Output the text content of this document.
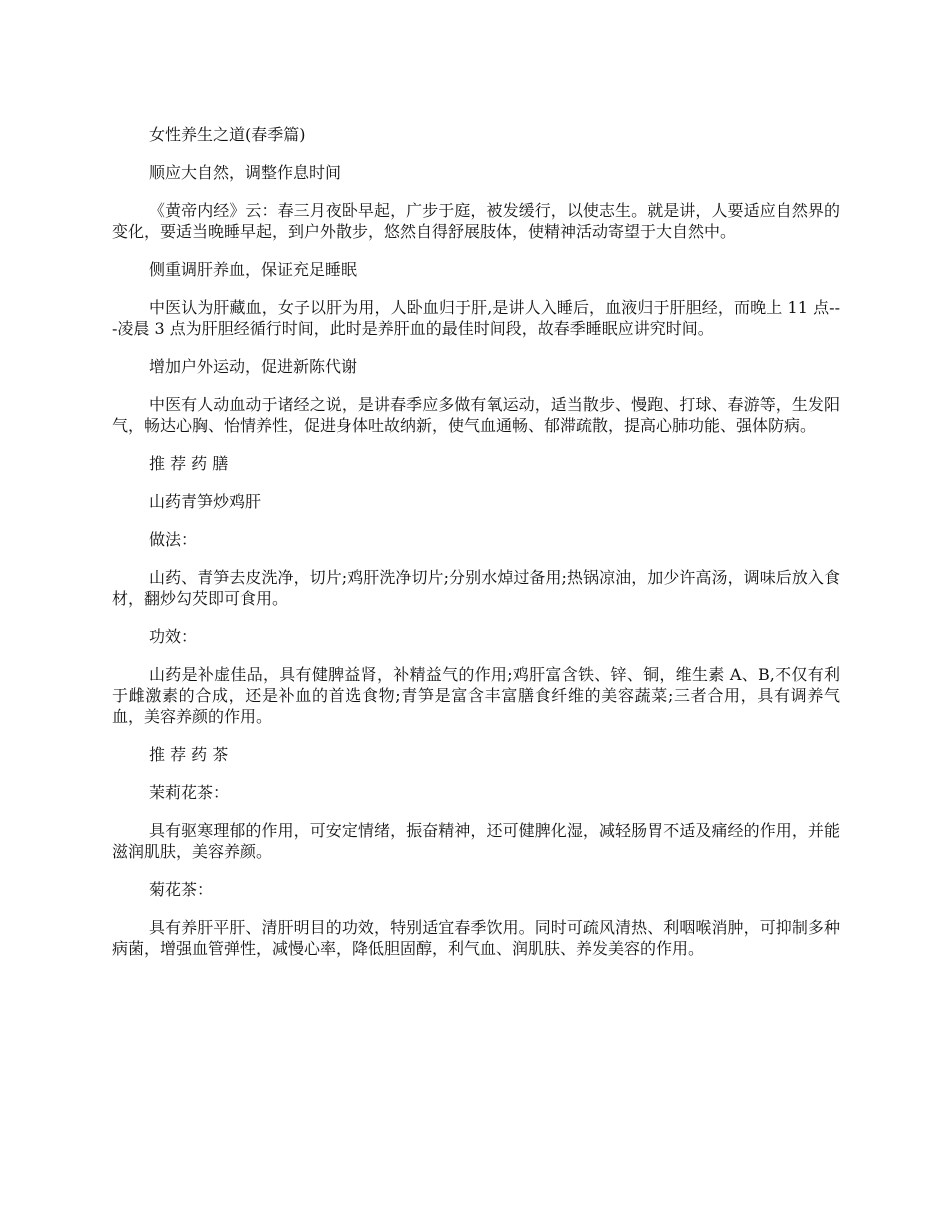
女性养生之道(春季篇)

顺应大自然，调整作息时间

《黄帝内经》云：春三月夜卧早起，广步于庭，被发缓行，以使志生。就是讲，人要适应自然界的变化，要适当晚睡早起，到户外散步，悠然自得舒展肢体，使精神活动寄望于大自然中。

侧重调肝养血，保证充足睡眠

中医认为肝藏血，女子以肝为用，人卧血归于肝,是讲人入睡后，血液归于肝胆经，而晚上 11 点---凌晨 3 点为肝胆经循行时间，此时是养肝血的最佳时间段，故春季睡眠应讲究时间。

增加户外运动，促进新陈代谢

中医有人动血动于诸经之说，是讲春季应多做有氧运动，适当散步、慢跑、打球、春游等，生发阳气，畅达心胸、怡情养性，促进身体吐故纳新，使气血通畅、郁滞疏散，提高心肺功能、强体防病。

推 荐 药 膳

山药青笋炒鸡肝

做法：

山药、青笋去皮洗净，切片;鸡肝洗净切片;分别水焯过备用;热锅凉油，加少许高汤，调味后放入食材，翻炒勾芡即可食用。

功效：

山药是补虚佳品，具有健脾益肾，补精益气的作用;鸡肝富含铁、锌、铜，维生素 A、B,不仅有利于雌激素的合成，还是补血的首选食物;青笋是富含丰富膳食纤维的美容蔬菜;三者合用，具有调养气血，美容养颜的作用。

推 荐 药 茶

茉莉花茶：

具有驱寒理郁的作用，可安定情绪，振奋精神，还可健脾化湿，减轻肠胃不适及痛经的作用，并能滋润肌肤，美容养颜。

菊花茶：

具有养肝平肝、清肝明目的功效，特别适宜春季饮用。同时可疏风清热、利咽喉消肿，可抑制多种病菌，增强血管弹性，减慢心率，降低胆固醇，利气血、润肌肤、养发美容的作用。
